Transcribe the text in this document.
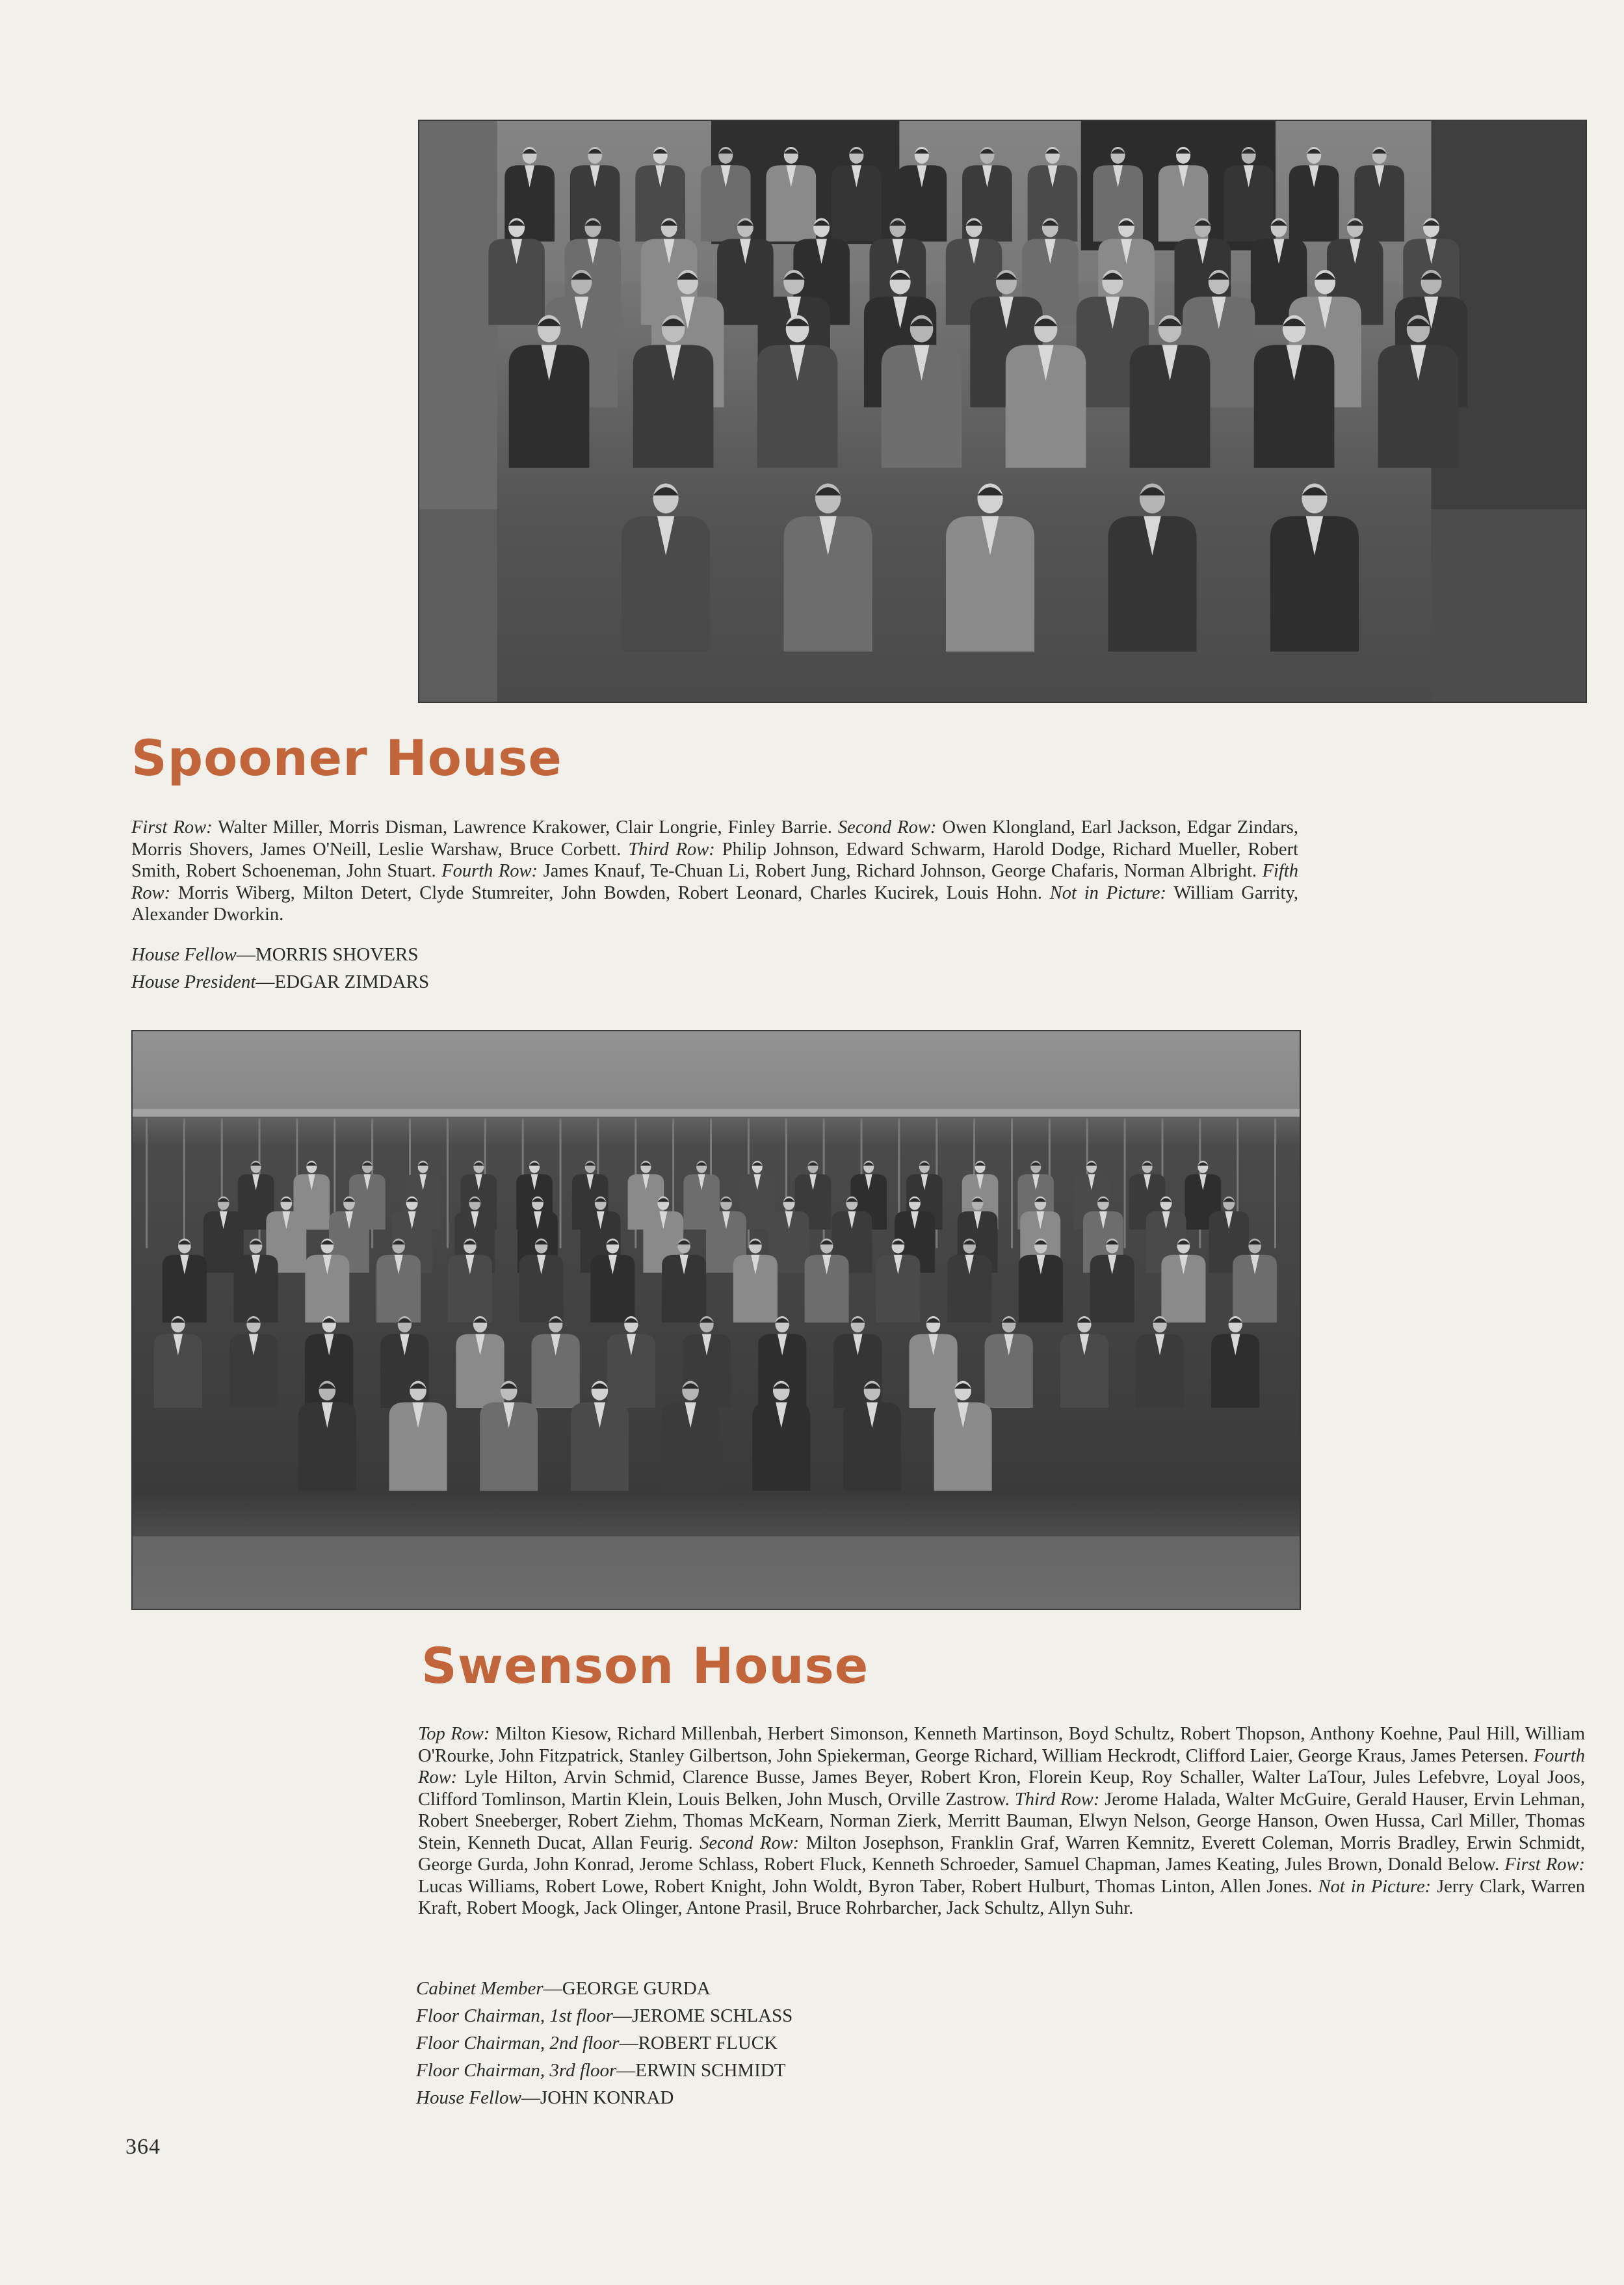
Spooner House

First Row: Walter Miller, Morris Disman, Lawrence Krakower, Clair Longrie, Finley Barrie. Second Row: Owen Klongland, Earl Jackson, Edgar Zindars, Morris Shovers, James O'Neill, Leslie Warshaw, Bruce Corbett. Third Row: Philip Johnson, Edward Schwarm, Harold Dodge, Richard Mueller, Robert Smith, Robert Schoeneman, John Stuart. Fourth Row: James Knauf, Te-Chuan Li, Robert Jung, Richard Johnson, George Chafaris, Norman Albright. Fifth Row: Morris Wiberg, Milton Detert, Clyde Stumreiter, John Bowden, Robert Leonard, Charles Kucirek, Louis Hohn. Not in Picture: William Garrity, Alexander Dworkin.

House Fellow—MORRIS SHOVERS
House President—EDGAR ZIMDARS
Swenson House

Top Row: Milton Kiesow, Richard Millenbah, Herbert Simonson, Kenneth Martinson, Boyd Schultz, Robert Thopson, Anthony Koehne, Paul Hill, William O'Rourke, John Fitzpatrick, Stanley Gilbertson, John Spiekerman, George Richard, William Heckrodt, Clifford Laier, George Kraus, James Petersen. Fourth Row: Lyle Hilton, Arvin Schmid, Clarence Busse, James Beyer, Robert Kron, Florein Keup, Roy Schaller, Walter LaTour, Jules Lefebvre, Loyal Joos, Clifford Tomlinson, Martin Klein, Louis Belken, John Musch, Orville Zastrow. Third Row: Jerome Halada, Walter McGuire, Gerald Hauser, Ervin Lehman, Robert Sneeberger, Robert Ziehm, Thomas McKearn, Norman Zierk, Merritt Bauman, Elwyn Nelson, George Hanson, Owen Hussa, Carl Miller, Thomas Stein, Kenneth Ducat, Allan Feurig. Second Row: Milton Josephson, Franklin Graf, Warren Kemnitz, Everett Coleman, Morris Bradley, Erwin Schmidt, George Gurda, John Konrad, Jerome Schlass, Robert Fluck, Kenneth Schroeder, Samuel Chapman, James Keating, Jules Brown, Donald Below. First Row: Lucas Williams, Robert Lowe, Robert Knight, John Woldt, Byron Taber, Robert Hulburt, Thomas Linton, Allen Jones. Not in Picture: Jerry Clark, Warren Kraft, Robert Moogk, Jack Olinger, Antone Prasil, Bruce Rohrbarcher, Jack Schultz, Allyn Suhr.

Cabinet Member—GEORGE GURDA
Floor Chairman, 1st floor—JEROME SCHLASS
Floor Chairman, 2nd floor—ROBERT FLUCK
Floor Chairman, 3rd floor—ERWIN SCHMIDT
House Fellow—JOHN KONRAD
364
